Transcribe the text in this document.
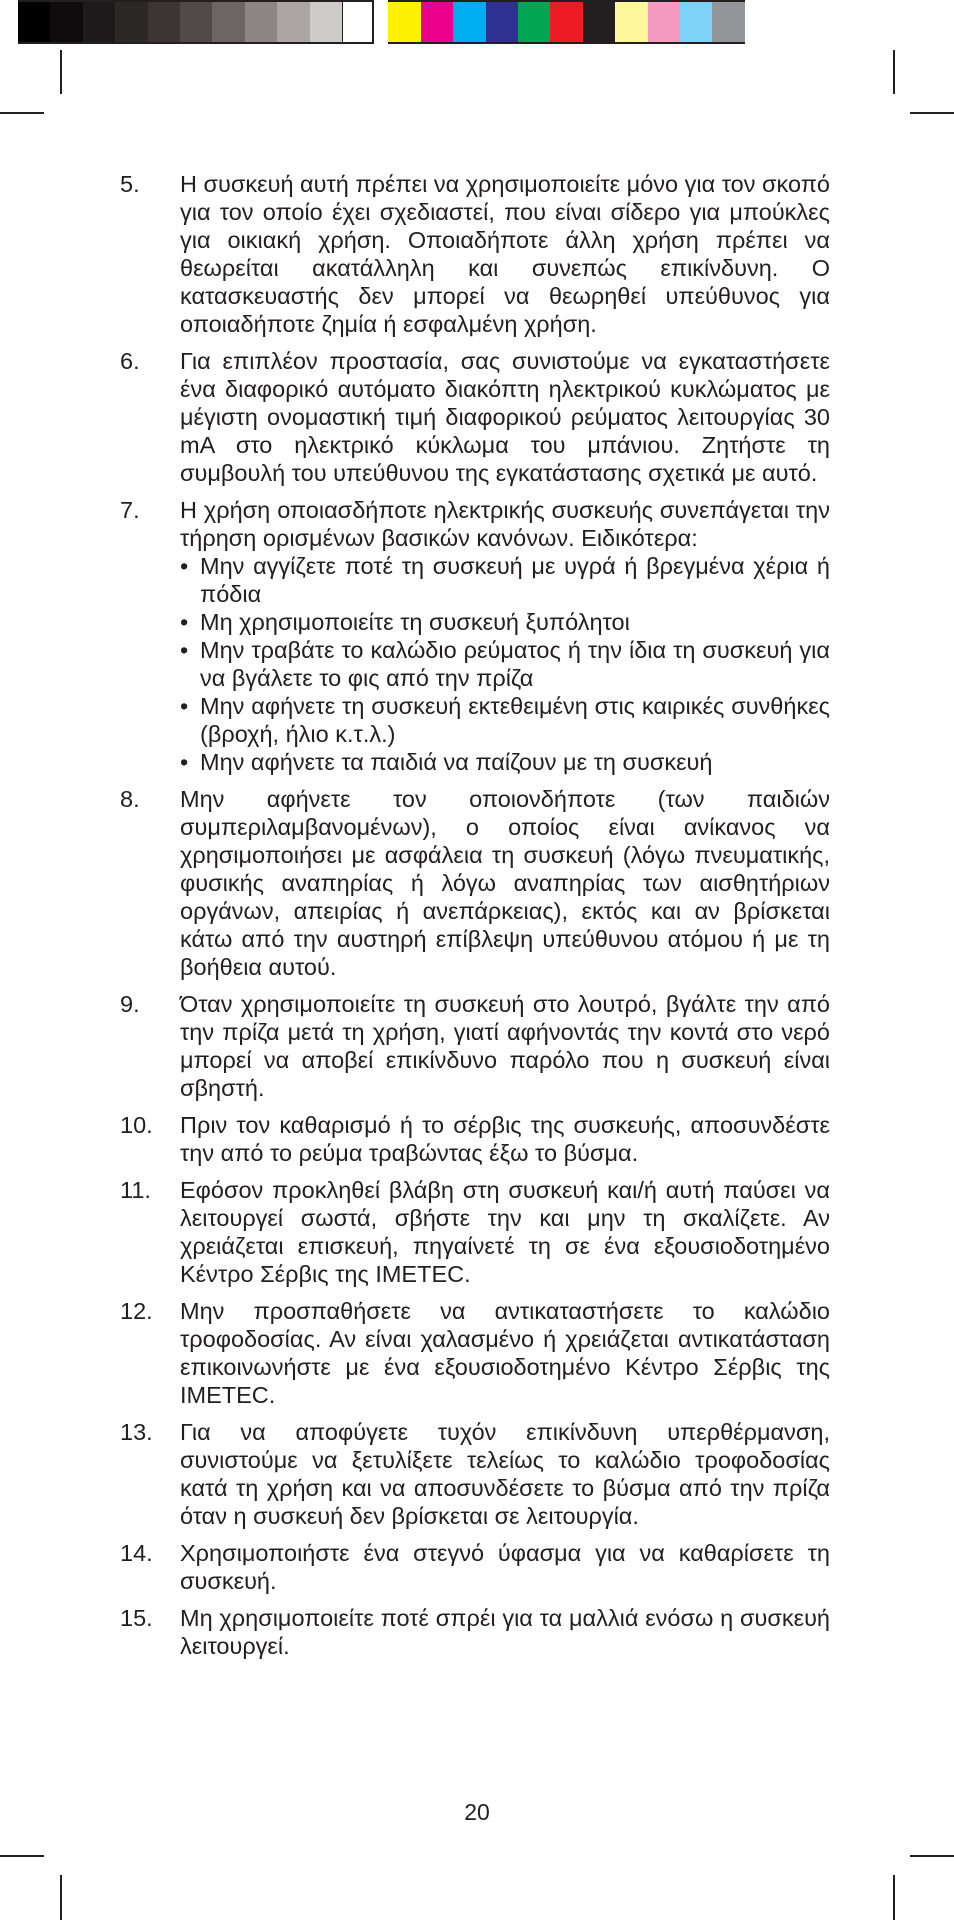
5.	Η συσκευή αυτή πρέπει να χρησιμοποιείτε μόνο για τον σκοπό για τον οποίο έχει σχεδιαστεί, που είναι σίδερο για μπούκλες για οικιακή χρήση. Οποιαδήποτε άλλη χρήση πρέπει να θεωρείται ακατάλληλη και συνεπώς επικίνδυνη. Ο κατασκευαστής δεν μπορεί να θεωρηθεί υπεύθυνος για οποιαδήποτε ζημία ή εσφαλμένη χρήση.
6.	Για επιπλέον προστασία, σας συνιστούμε να εγκαταστήσετε ένα διαφορικό αυτόματο διακόπτη ηλεκτρικού κυκλώματος με μέγιστη ονομαστική τιμή διαφορικού ρεύματος λειτουργίας 30 mA στο ηλεκτρικό κύκλωμα του μπάνιου. Ζητήστε τη συμβουλή του υπεύθυνου της εγκατάστασης σχετικά με αυτό.
7.	Η χρήση οποιασδήποτε ηλεκτρικής συσκευής συνεπάγεται την τήρηση ορισμένων βασικών κανόνων. Ειδικότερα:
• Μην αγγίζετε ποτέ τη συσκευή με υγρά ή βρεγμένα χέρια ή πόδια
• Μη χρησιμοποιείτε τη συσκευή ξυπόλητοι
• Μην τραβάτε το καλώδιο ρεύματος ή την ίδια τη συσκευή για να βγάλετε το φις από την πρίζα
• Μην αφήνετε τη συσκευή εκτεθειμένη στις καιρικές συνθήκες (βροχή, ήλιο κ.τ.λ.)
• Μην αφήνετε τα παιδιά να παίζουν με τη συσκευή
8.	Μην αφήνετε τον οποιονδήποτε (των παιδιών συμπεριλαμβανομένων), ο οποίος είναι ανίκανος να χρησιμοποιήσει με ασφάλεια τη συσκευή (λόγω πνευματικής, φυσικής αναπηρίας ή λόγω αναπηρίας των αισθητήριων οργάνων, απειρίας ή ανεπάρκειας), εκτός και αν βρίσκεται κάτω από την αυστηρή επίβλεψη υπεύθυνου ατόμου ή με τη βοήθεια αυτού.
9.	Όταν χρησιμοποιείτε τη συσκευή στο λουτρό, βγάλτε την από την πρίζα μετά τη χρήση, γιατί αφήνοντάς την κοντά στο νερό μπορεί να αποβεί επικίνδυνο παρόλο που η συσκευή είναι σβηστή.
10.	Πριν τον καθαρισμό ή το σέρβις της συσκευής, αποσυνδέστε την από το ρεύμα τραβώντας έξω το βύσμα.
11.	Εφόσον προκληθεί βλάβη στη συσκευή και/ή αυτή παύσει να λειτουργεί σωστά, σβήστε την και μην τη σκαλίζετε. Αν χρειάζεται επισκευή, πηγαίνετέ τη σε ένα εξουσιοδοτημένο Κέντρο Σέρβις της IMETEC.
12.	Μην προσπαθήσετε να αντικαταστήσετε το καλώδιο τροφοδοσίας. Αν είναι χαλασμένο ή χρειάζεται αντικατάσταση επικοινωνήστε με ένα εξουσιοδοτημένο Κέντρο Σέρβις της IMETEC.
13.	Για να αποφύγετε τυχόν επικίνδυνη υπερθέρμανση, συνιστούμε να ξετυλίξετε τελείως το καλώδιο τροφοδοσίας κατά τη χρήση και να αποσυνδέσετε το βύσμα από την πρίζα όταν η συσκευή δεν βρίσκεται σε λειτουργία.
14.	Χρησιμοποιήστε ένα στεγνό ύφασμα για να καθαρίσετε τη συσκευή.
15.	Μη χρησιμοποιείτε ποτέ σπρέι για τα μαλλιά ενόσω η συσκευή λειτουργεί.
20
